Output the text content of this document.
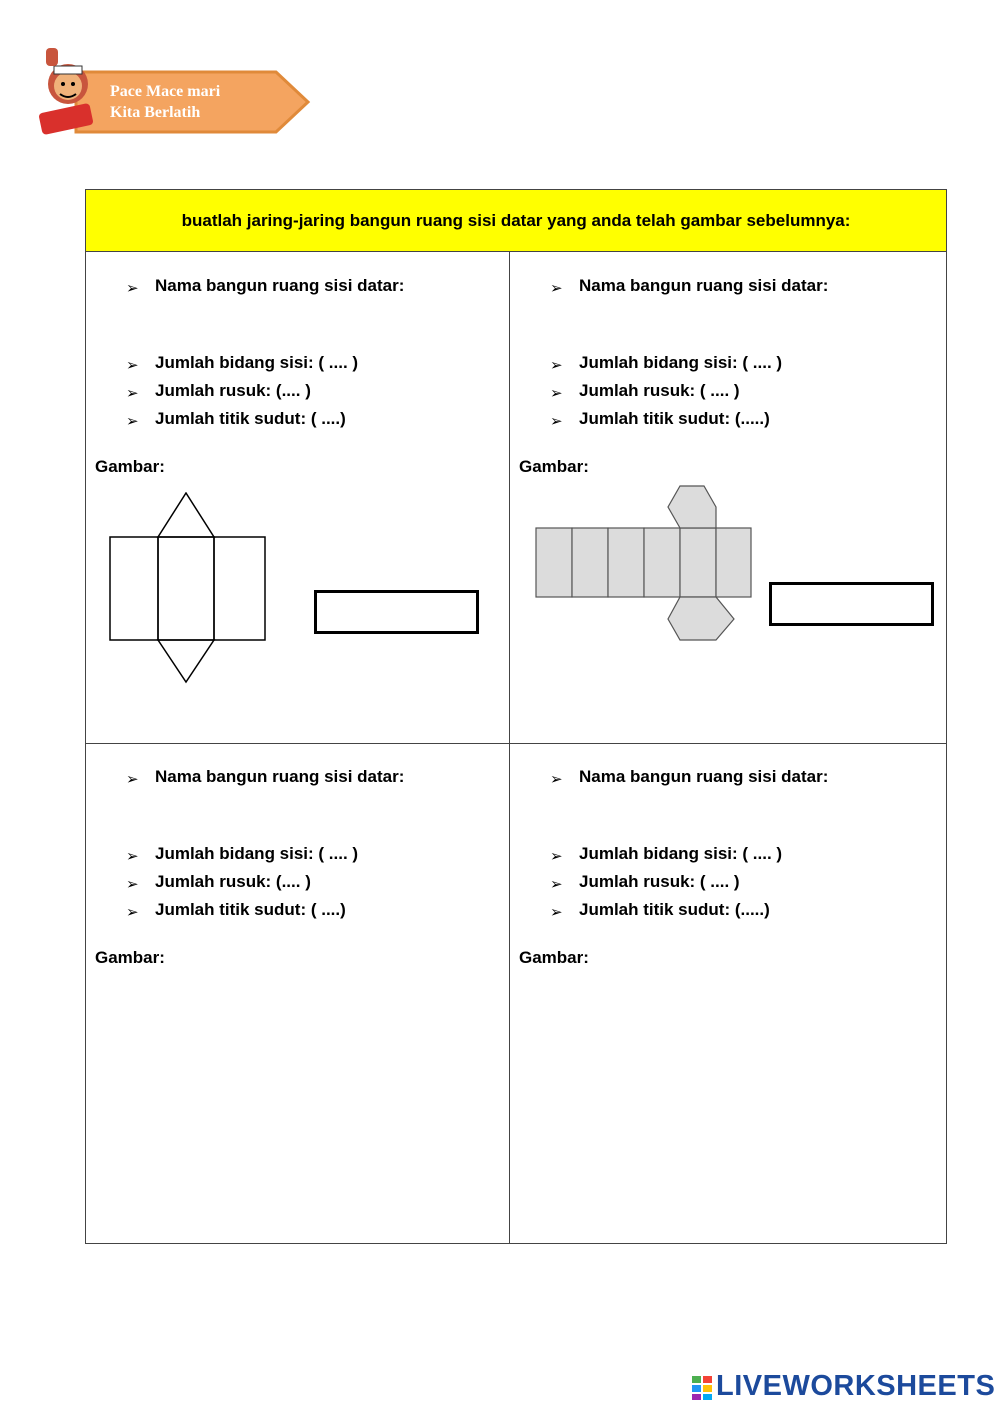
Pace Mace mari
Kita Berlatih
buatlah jaring-jaring bangun ruang sisi datar yang anda telah gambar sebelumnya:
➢ Nama bangun ruang sisi datar:
➢ Jumlah bidang sisi: ( .... )
➢ Jumlah rusuk: (.... )
➢ Jumlah titik sudut: ( ....)
Gambar:
➢ Nama bangun ruang sisi datar:
➢ Jumlah bidang sisi: ( .... )
➢ Jumlah rusuk: ( .... )
➢ Jumlah titik sudut: (.....)
Gambar:
➢ Nama bangun ruang sisi datar:
➢ Jumlah bidang sisi: ( .... )
➢ Jumlah rusuk: (.... )
➢ Jumlah titik sudut: ( ....)
Gambar:
➢ Nama bangun ruang sisi datar:
➢ Jumlah bidang sisi: ( .... )
➢ Jumlah rusuk: ( .... )
➢ Jumlah titik sudut: (.....)
Gambar:
LIVEWORKSHEETS
